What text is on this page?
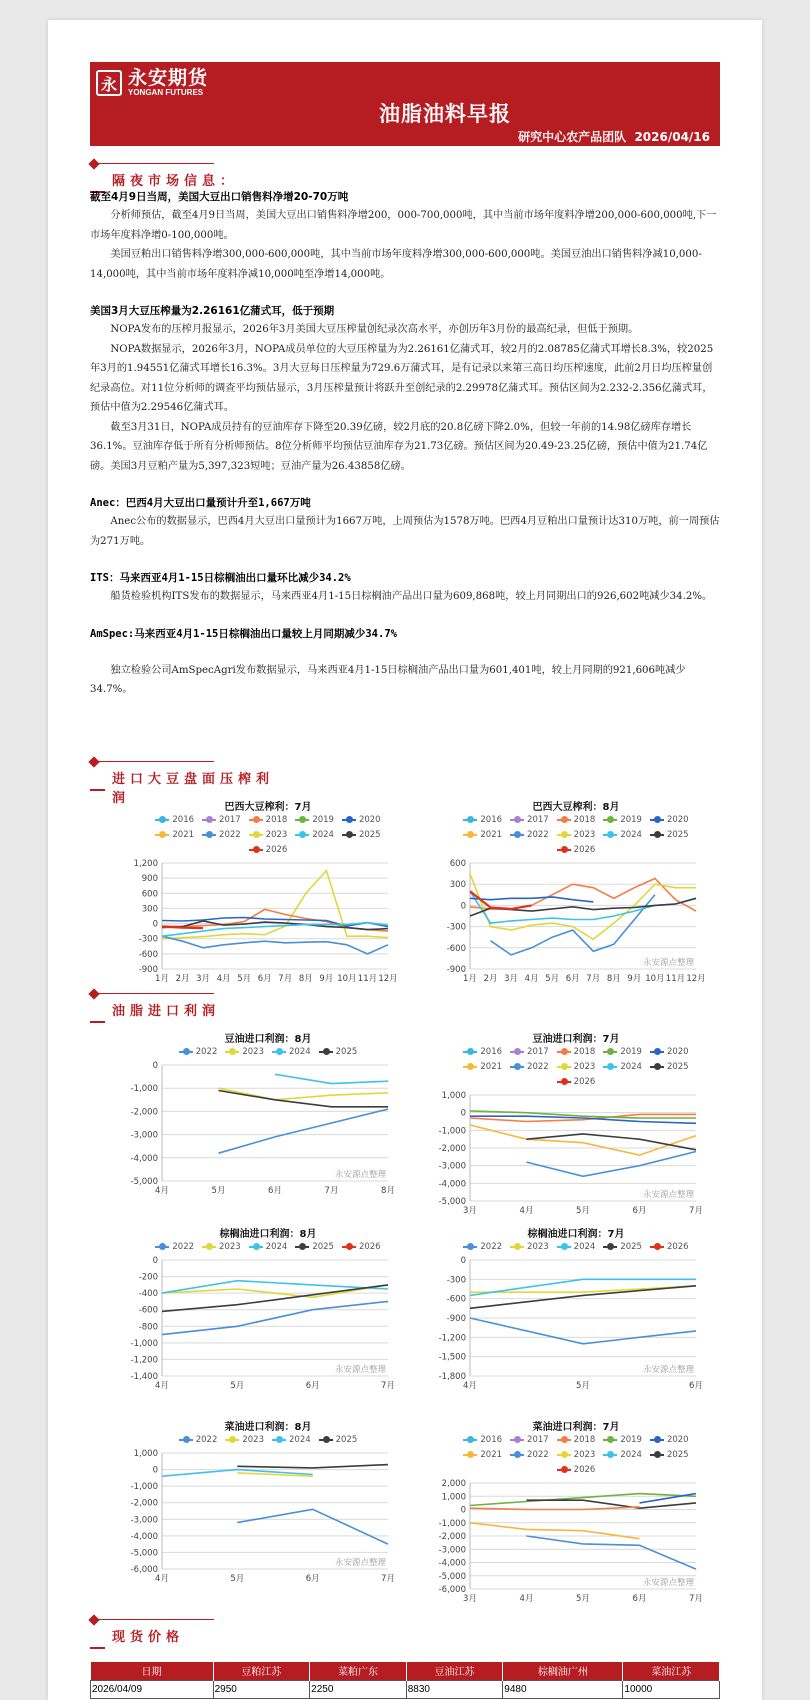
永 永安期货
YONGAN FUTURES
油脂油料早报
研究中心农产品团队 2026/04/16
隔夜市场信息：
截至4月9日当周，美国大豆出口销售料净增20-70万吨

分析师预估，截至4月9日当周，美国大豆出口销售料净增200，000-700,000吨，其中当前市场年度料净增200,000-600,000吨,下一市场年度料净增0-100,000吨。

美国豆粕出口销售料净增300,000-600,000吨，其中当前市场年度料净增300,000-600,000吨。美国豆油出口销售料净减10,000-14,000吨，其中当前市场年度料净减10,000吨至净增14,000吨。

美国3月大豆压榨量为2.26161亿蒲式耳，低于预期

NOPA发布的压榨月报显示，2026年3月美国大豆压榨量创纪录次高水平，亦创历年3月份的最高纪录，但低于预期。

NOPA数据显示，2026年3月，NOPA成员单位的大豆压榨量为为2.26161亿蒲式耳，较2月的2.08785亿蒲式耳增长8.3%，较2025年3月的1.94551亿蒲式耳增长16.3%。3月大豆每日压榨量为729.6万蒲式耳，是有记录以来第三高日均压榨速度，此前2月日均压榨量创纪录高位。对11位分析师的调查平均预估显示，3月压榨量预计将跃升至创纪录的2.29978亿蒲式耳。预估区间为2.232-2.356亿蒲式耳，预估中值为2.29546亿蒲式耳。

截至3月31日，NOPA成员持有的豆油库存下降至20.39亿磅，较2月底的20.8亿磅下降2.0%，但较一年前的14.98亿磅库存增长36.1%。豆油库存低于所有分析师预估。8位分析师平均预估豆油库存为21.73亿磅。预估区间为20.49-23.25亿磅，预估中值为21.74亿磅。美国3月豆粕产量为5,397,323短吨；豆油产量为26.43858亿磅。

Anec：巴西4月大豆出口量预计升至1,667万吨

Anec公布的数据显示，巴西4月大豆出口量预计为1667万吨，上周预估为1578万吨。巴西4月豆粕出口量预计达310万吨，前一周预估为271万吨。

ITS：马来西亚4月1-15日棕榈油出口量环比减少34.2%

船货检验机构ITS发布的数据显示，马来西亚4月1-15日棕榈油产品出口量为609,868吨，较上月同期出口的926,602吨减少34.2%。

AmSpec:马来西亚4月1-15日棕榈油出口量较上月同期减少34.7%

独立检验公司AmSpecAgri发布数据显示，马来西亚4月1-15日棕榈油产品出口量为601,401吨，较上月同期的921,606吨减少34.7%。

进口大豆盘面压榨利润
巴西大豆榨利：7月
2016	2017	2018	2019	2020
2021	2022	2023	2024	2025
2026
1,200
900
600
300
0
-300
-600
-900
1月 2月 3月 4月 5月 6月 7月 8月 9月 10月 11月 12月
巴西大豆榨利：8月
2016	2017	2018	2019	2020
2021	2022	2023	2024	2025
2026
600
300
0
-300
-600
-900
1月 2月 3月 4月 5月 6月 7月 8月 9月 10月 11月 12月
永安源点整理
油脂进口利润
豆油进口利润：8月
2022	2023	2024	2025
0
-1,000
-2,000
-3,000
-4,000
-5,000
4月	5月	6月	7月	8月
永安源点整理
豆油进口利润：7月
2016	2017	2018	2019	2020
2021	2022	2023	2024	2025
2026
1,000
0
-1,000
-2,000
-3,000
-4,000
-5,000
3月	4月	5月	6月	7月
永安源点整理
棕榈油进口利润：8月
2022	2023	2024	2025	2026
0
-200
-400
-600
-800
-1,000
-1,200
-1,400
4月	5月	6月	7月
永安源点整理
棕榈油进口利润：7月
2022	2023	2024	2025	2026
0
-300
-600
-900
-1,200
-1,500
-1,800
4月	5月	6月
永安源点整理
菜油进口利润：8月
2022	2023	2024	2025
1,000
0
-1,000
-2,000
-3,000
-4,000
-5,000
-6,000
4月	5月	6月	7月
永安源点整理
菜油进口利润：7月
2016	2017	2018	2019	2020
2021	2022	2023	2024	2025
2026
2,000
1,000
0
-1,000
-2,000
-3,000
-4,000
-5,000
-6,000
3月	4月	5月	6月	7月
永安源点整理
现货价格
日期	豆粕江苏	菜粕广东	豆油江苏	棕榈油广州	菜油江苏
2026/04/09	2950	2250	8830	9480	10000
